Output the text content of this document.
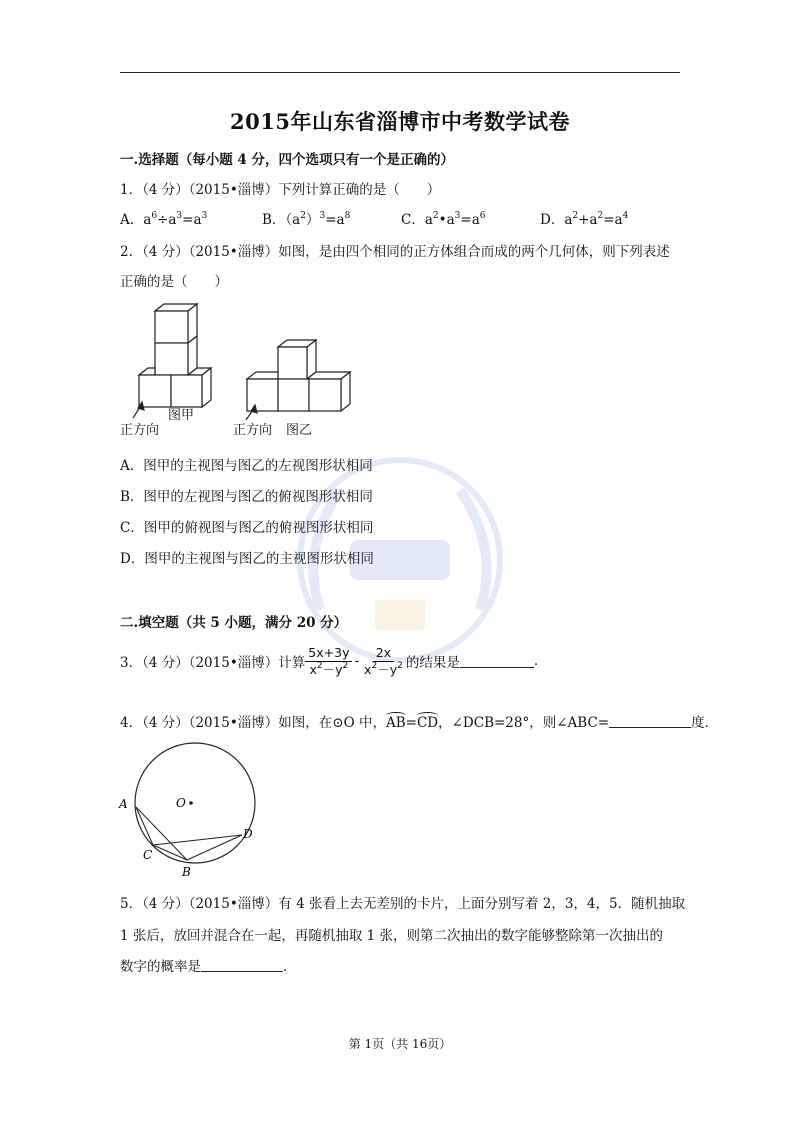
2015年山东省淄博市中考数学试卷
一.选择题（每小题 4 分，四个选项只有一个是正确的）
1．（4 分）（2015•淄博）下列计算正确的是（　　）
A．$a^6\div a^3=a^3$	B．$(a^2)^3=a^8$	C．$a^2•a^3=a^6$	D．$a^2+a^2=a^4$
2．（4 分）（2015•淄博）如图，是由四个相同的正方体组合而成的两个几何体，则下列表述
正确的是（　　）
图甲
正方向	图乙
正方向
A．图甲的主视图与图乙的左视图形状相同
B．图甲的左视图与图乙的俯视图形状相同
C．图甲的俯视图与图乙的俯视图形状相同
D．图甲的主视图与图乙的主视图形状相同
二.填空题（共 5 小题，满分 20 分）
3．（4 分）（2015•淄博）计算 $\frac{5x+3y}{x^2-y^2} - \frac{2x}{x^2-y^2}$ 的结果是	.
4．（4 分）（2015•淄博）如图，在⊙O 中，AB=CD，∠DCB=28°，则∠ABC=	度．
A
C
B
D
O
5．（4 分）（2015•淄博）有 4 张看上去无差别的卡片，上面分别写着 2，3，4，5．随机抽取
1 张后，放回并混合在一起，再随机抽取 1 张，则第二次抽出的数字能够整除第一次抽出的
数字的概率是	．
第 1页（共 16页）
